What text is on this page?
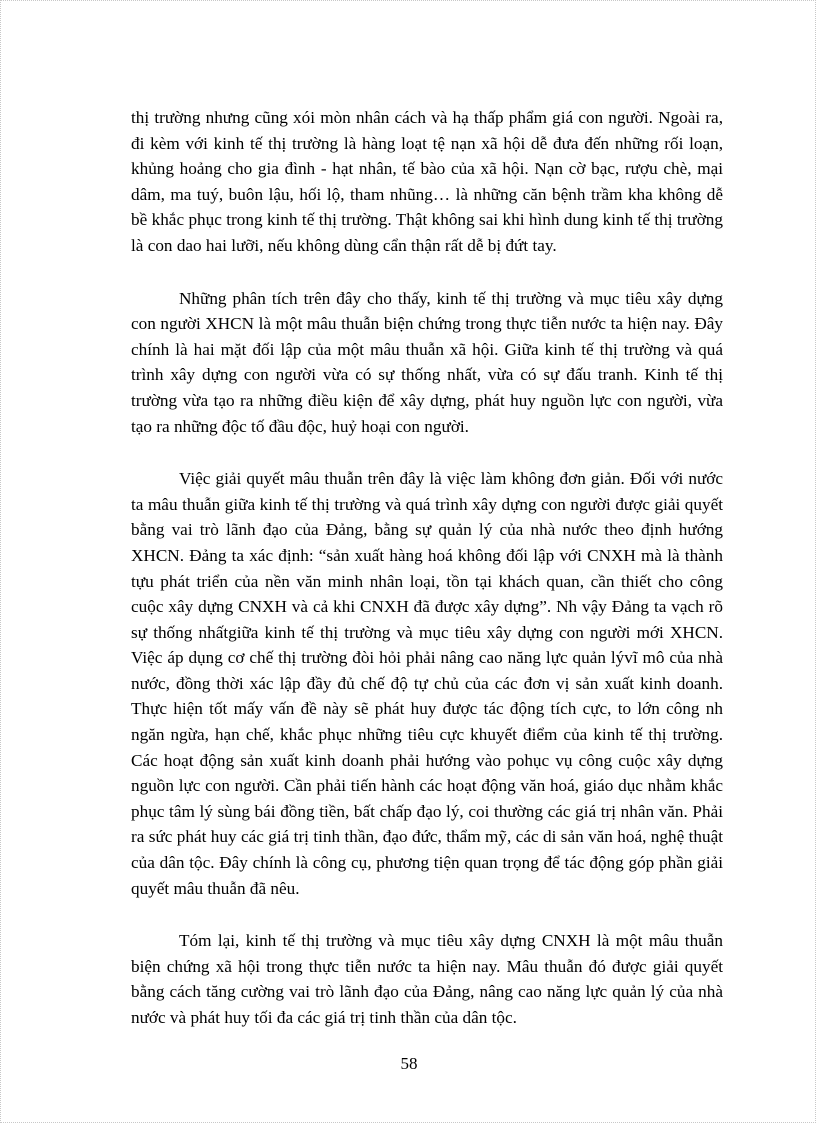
thị trường nhưng cũng xói mòn nhân cách và hạ thấp phẩm giá con người. Ngoài ra, đi kèm với kinh tế thị trường là hàng loạt tệ nạn xã hội dễ đưa đến những rối loạn, khủng hoảng cho gia đình - hạt nhân, tế bào của xã hội. Nạn cờ bạc, rượu chè, mại dâm, ma tuý, buôn lậu, hối lộ, tham nhũng… là những căn bệnh trầm kha không dễ bề khắc phục trong kinh tế thị trường. Thật không sai khi hình dung kinh tế thị trường là con dao hai lưỡi, nếu không dùng cẩn thận rất dễ bị đứt tay.

Những phân tích trên đây cho thấy, kinh tế thị trường và mục tiêu xây dựng con người XHCN là một mâu thuẫn biện chứng trong thực tiễn nước ta hiện nay. Đây chính là hai mặt đối lập của một mâu thuẫn xã hội. Giữa kinh tế thị trường và quá trình xây dựng con người vừa có sự thống nhất, vừa có sự đấu tranh. Kinh tế thị trường vừa tạo ra những điều kiện để xây dựng, phát huy nguồn lực con người, vừa tạo ra những độc tố đầu độc, huỷ hoại con người.

Việc giải quyết mâu thuẫn trên đây là việc làm không đơn giản. Đối với nước ta mâu thuẫn giữa kinh tế thị trường và quá trình xây dựng con người được giải quyết bằng vai trò lãnh đạo của Đảng, bằng sự quản lý của nhà nước theo định hướng XHCN. Đảng ta xác định: “sản xuất hàng hoá không đối lập với CNXH mà là thành tựu phát triển của nền văn minh nhân loại, tồn tại khách quan, cần thiết cho công cuộc xây dựng CNXH và cả khi CNXH đã được xây dựng”. Nh vậy Đảng ta vạch rõ sự thống nhấtgiữa kinh tế thị trường và mục tiêu xây dựng con người mới XHCN. Việc áp dụng cơ chế thị trường đòi hỏi phải nâng cao năng lực quản lývĩ mô của nhà nước, đồng thời xác lập đầy đủ chế độ tự chủ của các đơn vị sản xuất kinh doanh. Thực hiện tốt mấy vấn đề này sẽ phát huy được tác động tích cực, to lớn công nh ngăn ngừa, hạn chế, khắc phục những tiêu cực khuyết điểm của kinh tế thị trường. Các hoạt động sản xuất kinh doanh phải hướng vào pohục vụ công cuộc xây dựng nguồn lực con người. Cần phải tiến hành các hoạt động văn hoá, giáo dục nhằm khắc phục tâm lý sùng bái đồng tiền, bất chấp đạo lý, coi thường các giá trị nhân văn. Phải ra sức phát huy các giá trị tinh thần, đạo đức, thẩm mỹ, các di sản văn hoá, nghệ thuật của dân tộc. Đây chính là công cụ, phương tiện quan trọng để tác động góp phần giải quyết mâu thuẫn đã nêu.

Tóm lại, kinh tế thị trường và mục tiêu xây dựng CNXH là một mâu thuẫn biện chứng xã hội trong thực tiễn nước ta hiện nay. Mâu thuẫn đó được giải quyết bằng cách tăng cường vai trò lãnh đạo của Đảng, nâng cao năng lực quản lý của nhà nước và phát huy tối đa các giá trị tinh thần của dân tộc.

58
